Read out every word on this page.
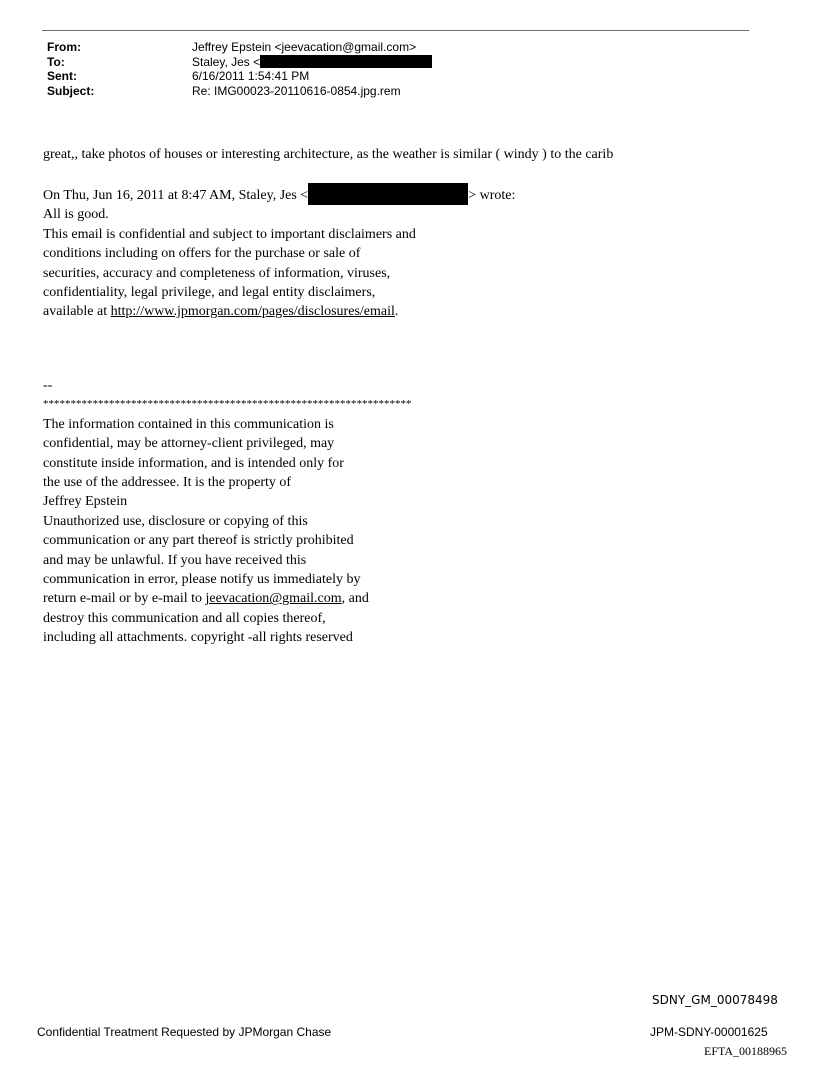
From:	Jeffrey Epstein <jeevacation@gmail.com>
To:	Staley, Jes <
Sent:	6/16/2011 1:54:41 PM
Subject:	Re: IMG00023-20110616-0854.jpg.rem

great,, take photos of houses or interesting architecture, as the weather is similar ( windy ) to the carib

On Thu, Jun 16, 2011 at 8:47 AM, Staley, Jes <	> wrote:

All is good.

This email is confidential and subject to important disclaimers and

conditions including on offers for the purchase or sale of

securities, accuracy and completeness of information, viruses,

confidentiality, legal privilege, and legal entity disclaimers,

available at http://www.jpmorgan.com/pages/disclosures/email.

--

*******************************************************************

The information contained in this communication is

confidential, may be attorney-client privileged, may

constitute inside information, and is intended only for

the use of the addressee. It is the property of

Jeffrey Epstein

Unauthorized use, disclosure or copying of this

communication or any part thereof is strictly prohibited

and may be unlawful. If you have received this

communication in error, please notify us immediately by

return e-mail or by e-mail to jeevacation@gmail.com, and

destroy this communication and all copies thereof,

including all attachments. copyright -all rights reserved

SDNY_GM_00078498
Confidential Treatment Requested by JPMorgan Chase	JPM-SDNY-00001625
EFTA_00188965
